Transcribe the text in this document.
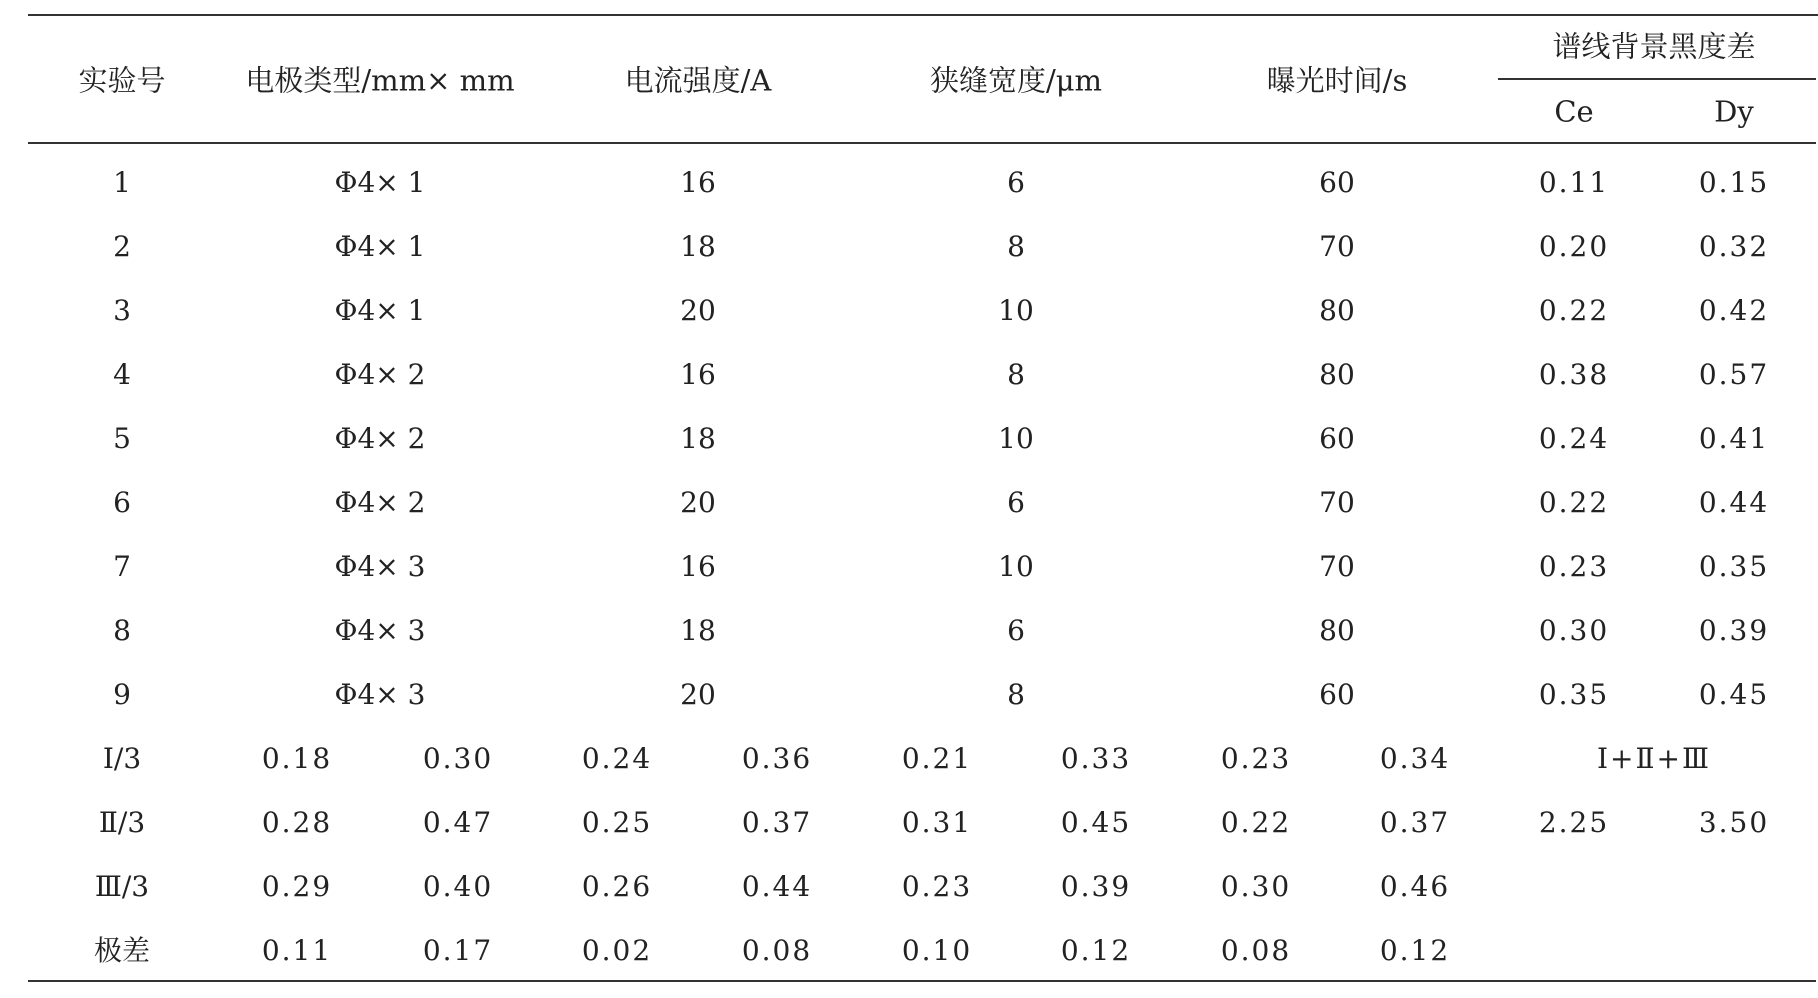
实验号	电极类型/mm× mm	电流强度/A	狭缝宽度/μm	曝光时间/s
谱线背景黑度差
Ce	Dy
1	Φ4× 1	16	6	60	0.11	0.15
2	Φ4× 1	18	8	70	0.20	0.32
3	Φ4× 1	20	10	80	0.22	0.42
4	Φ4× 2	16	8	80	0.38	0.57
5	Φ4× 2	18	10	60	0.24	0.41
6	Φ4× 2	20	6	70	0.22	0.44
7	Φ4× 3	16	10	70	0.23	0.35
8	Φ4× 3	18	6	80	0.30	0.39
9	Φ4× 3	20	8	60	0.35	0.45
Ⅰ/3	0.18	0.30	0.24	0.36	0.21	0.33	0.23	0.34	Ⅰ+Ⅱ+Ⅲ
Ⅱ/3	0.28	0.47	0.25	0.37	0.31	0.45	0.22	0.37	2.25	3.50
Ⅲ/3	0.29	0.40	0.26	0.44	0.23	0.39	0.30	0.46
极差	0.11	0.17	0.02	0.08	0.10	0.12	0.08	0.12
